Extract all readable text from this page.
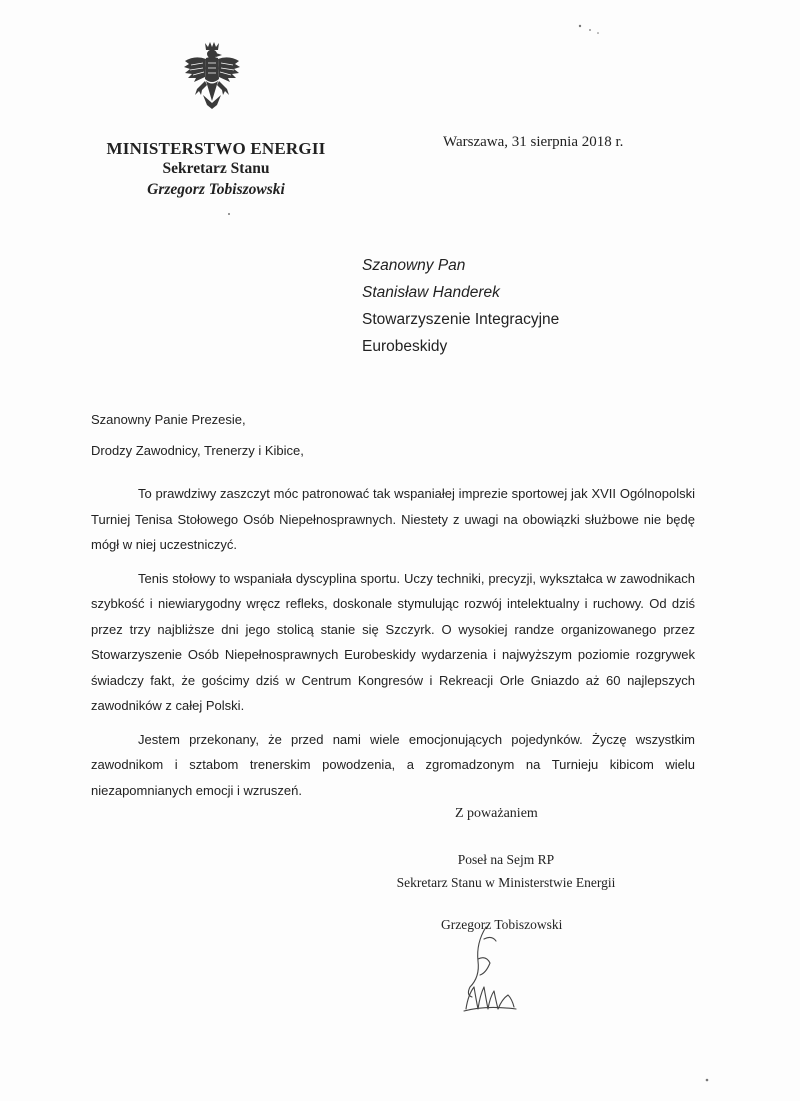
MINISTERSTWO ENERGII
Sekretarz Stanu
Grzegorz Tobiszowski
Warszawa, 31 sierpnia 2018 r.
Szanowny Pan
Stanisław Handerek
Stowarzyszenie Integracyjne
Eurobeskidy
Szanowny Panie Prezesie,
Drodzy Zawodnicy, Trenerzy i Kibice,

To prawdziwy zaszczyt móc patronować tak wspaniałej imprezie sportowej jak XVII Ogólnopolski Turniej Tenisa Stołowego Osób Niepełnosprawnych. Niestety z uwagi na obowiązki służbowe nie będę mógł w niej uczestniczyć.

Tenis stołowy to wspaniała dyscyplina sportu. Uczy techniki, precyzji, wykształca w zawodnikach szybkość i niewiarygodny wręcz refleks, doskonale stymulując rozwój intelektualny i ruchowy. Od dziś przez trzy najbliższe dni jego stolicą stanie się Szczyrk. O wysokiej randze organizowanego przez Stowarzyszenie Osób Niepełnosprawnych Eurobeskidy wydarzenia i najwyższym poziomie rozgrywek świadczy fakt, że gościmy dziś w Centrum Kongresów i Rekreacji Orle Gniazdo aż 60 najlepszych zawodników z całej Polski.

Jestem przekonany, że przed nami wiele emocjonujących pojedynków. Życzę wszystkim zawodnikom i sztabom trenerskim powodzenia, a zgromadzonym na Turnieju kibicom wielu niezapomnianych emocji i wzruszeń.

Z poważaniem
Poseł na Sejm RP
Sekretarz Stanu w Ministerstwie Energii
Grzegorz Tobiszowski
